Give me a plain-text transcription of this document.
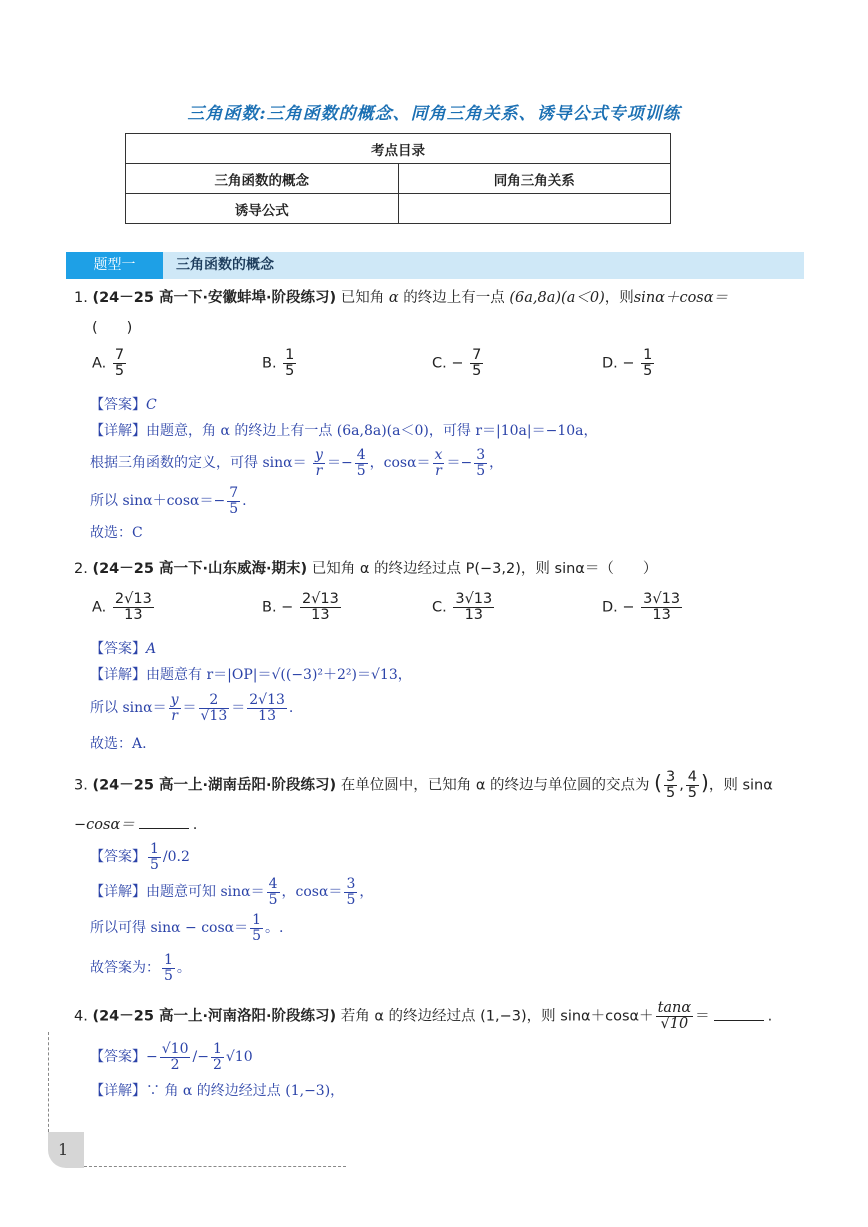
三角函数:三角函数的概念、同角三角关系、诱导公式专项训练
考点目录	
三角函数的概念	同角三角关系
诱导公式	
题型一	三角函数的概念
1. (24－25 高一下·安徽蚌埠·阶段练习) 已知角 α 的终边上有一点 (6a,8a)(a＜0)，则sinα＋cosα＝
(　　)
A. $\frac{7}{5}$	B. $\frac{1}{5}$	C. − $\frac{7}{5}$	D. − $\frac{1}{5}$
【答案】C
【详解】由题意，角 α 的终边上有一点 (6a,8a)(a＜0)，可得 r＝|10a|＝−10a，
根据三角函数的定义，可得 $\sin\alpha= \frac{y}{r} =- \frac{4}{5}$ ，$\cos\alpha= \frac{x}{r} =- \frac{3}{5}$ ，
所以 $\sin\alpha+\cos\alpha=- \frac{7}{5}$ .
故选：C
2. (24－25 高一下·山东威海·期末) 已知角 α 的终边经过点 P(−3,2)，则 sinα＝（　　）
A. $\frac{2√13}{13}$	B. − $\frac{2√13}{13}$	C. $\frac{3√13}{13}$	D. − $\frac{3√13}{13}$
【答案】A
【详解】由题意有 r＝|OP|＝√((−3)²＋2²)＝√13，
所以 $\sin\alpha= \frac{y}{r} = \frac{2}{√13} = \frac{2√13}{13}$ .
故选：A.
3. (24－25 高一上·湖南岳阳·阶段练习) 在单位圆中，已知角 α 的终边与单位圆的交点为 ( $\frac{3}{5}$ , $\frac{4}{5}$ )，则 sinα
−cosα＝	.
【答案】 $\frac{1}{5} /0.2$
【详解】由题意可知 $\sin\alpha= \frac{4}{5}$ ，$\cos\alpha= \frac{3}{5}$ ，
所以可得 $\sin\alpha - \cos\alpha= \frac{1}{5}$ 。.
故答案为： $\frac{1}{5}$ 。
4. (24－25 高一上·河南洛阳·阶段练习) 若角 α 的终边经过点 (1,−3)，则 $\sin\alpha+\cos\alpha+ \frac{\tan\alpha}{√10}$ ＝	.
【答案】− $\frac{√10}{2} /- \frac{1}{2} √10$
【详解】∵ 角 α 的终边经过点 (1,−3)，
1
